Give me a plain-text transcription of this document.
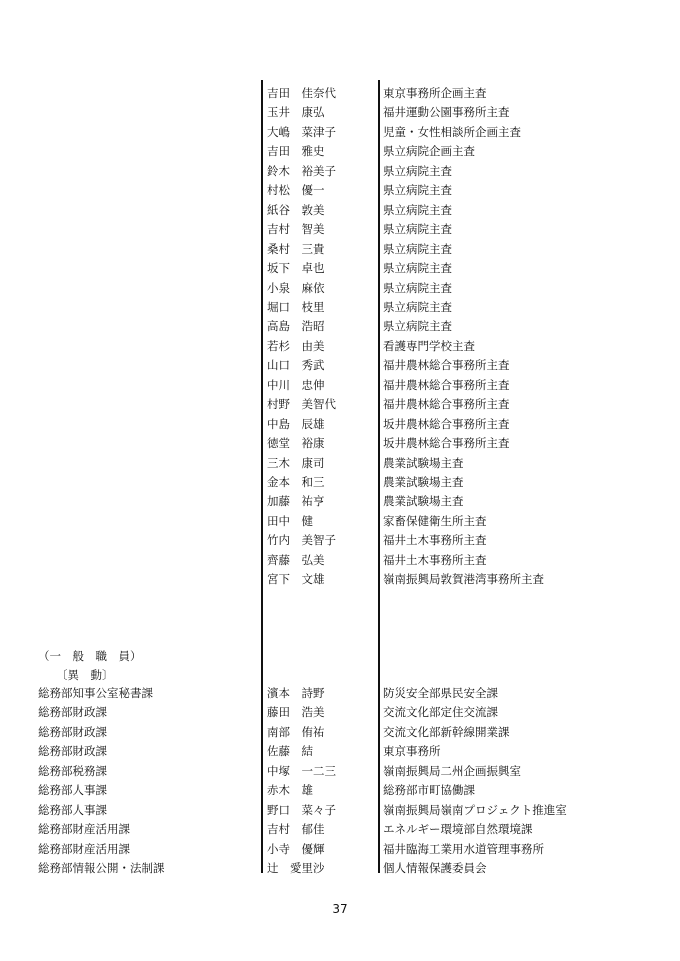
吉田　佳奈代	東京事務所企画主査
玉井　康弘	福井運動公園事務所主査
大嶋　菜津子	児童・女性相談所企画主査
吉田　雅史	県立病院企画主査
鈴木　裕美子	県立病院主査
村松　優一	県立病院主査
紙谷　敦美	県立病院主査
吉村　智美	県立病院主査
桑村　三貴	県立病院主査
坂下　卓也	県立病院主査
小泉　麻依	県立病院主査
堀口　枝里	県立病院主査
高島　浩昭	県立病院主査
若杉　由美	看護専門学校主査
山口　秀武	福井農林総合事務所主査
中川　忠伸	福井農林総合事務所主査
村野　美智代	福井農林総合事務所主査
中島　辰雄	坂井農林総合事務所主査
徳堂　裕康	坂井農林総合事務所主査
三木　康司	農業試験場主査
金本　和三	農業試験場主査
加藤　祐亨	農業試験場主査
田中　健	家畜保健衛生所主査
竹内　美智子	福井土木事務所主査
齊藤　弘美	福井土木事務所主査
宮下　文雄	嶺南振興局敦賀港湾事務所主査
（一　般　職　員）
〔異　動〕
総務部知事公室秘書課	濱本　詩野	防災安全部県民安全課
総務部財政課	藤田　浩美	交流文化部定住交流課
総務部財政課	南部　侑祐	交流文化部新幹線開業課
総務部財政課	佐藤　結	東京事務所
総務部税務課	中塚　一二三	嶺南振興局二州企画振興室
総務部人事課	赤木　雄	総務部市町協働課
総務部人事課	野口　菜々子	嶺南振興局嶺南プロジェクト推進室
総務部財産活用課	吉村　郁佳	エネルギー環境部自然環境課
総務部財産活用課	小寺　優輝	福井臨海工業用水道管理事務所
総務部情報公開・法制課	辻　愛里沙	個人情報保護委員会
37
